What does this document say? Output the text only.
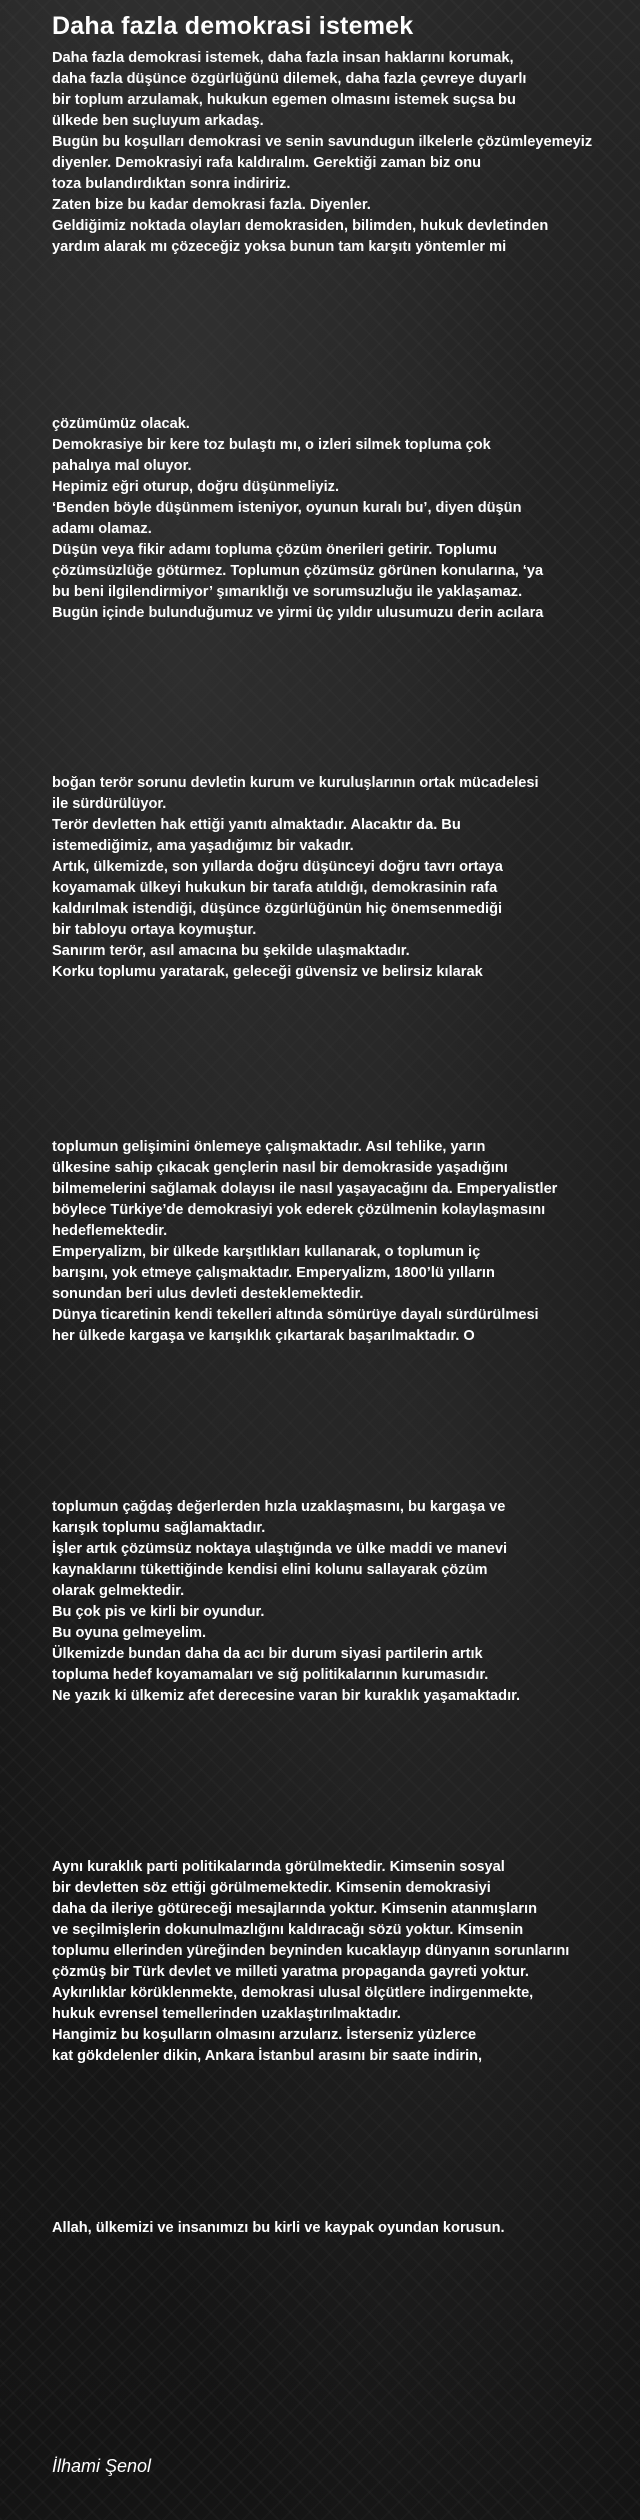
Daha fazla demokrasi istemek
Daha fazla demokrasi istemek, daha fazla insan haklarını korumak,
daha fazla düşünce özgürlüğünü dilemek, daha fazla çevreye duyarlı
bir toplum arzulamak, hukukun egemen olmasını istemek suçsa bu
ülkede ben suçluyum arkadaş.
Bugün bu koşulları demokrasi ve senin savundugun ilkelerle çözümleyemeyiz
diyenler. Demokrasiyi rafa kaldıralım. Gerektiği zaman biz onu
toza bulandırdıktan sonra indiririz.
Zaten bize bu kadar demokrasi fazla. Diyenler.
Geldiğimiz noktada olayları demokrasiden, bilimden, hukuk devletinden
yardım alarak mı çözeceğiz yoksa bunun tam karşıtı yöntemler mi
çözümümüz olacak.
Demokrasiye bir kere toz bulaştı mı, o izleri silmek topluma çok
pahalıya mal oluyor.
Hepimiz eğri oturup, doğru düşünmeliyiz.
‘Benden böyle düşünmem isteniyor, oyunun kuralı bu’, diyen düşün
adamı olamaz.
Düşün veya fikir adamı topluma çözüm önerileri getirir. Toplumu
çözümsüzlüğe götürmez. Toplumun çözümsüz görünen konularına, ‘ya
bu beni ilgilendirmiyor’ şımarıklığı ve sorumsuzluğu ile yaklaşamaz.
Bugün içinde bulunduğumuz ve yirmi üç yıldır ulusumuzu derin acılara
boğan terör sorunu devletin kurum ve kuruluşlarının ortak mücadelesi
ile sürdürülüyor.
Terör devletten hak ettiği yanıtı almaktadır. Alacaktır da. Bu
istemediğimiz, ama yaşadığımız bir vakadır.
Artık, ülkemizde, son yıllarda doğru düşünceyi doğru tavrı ortaya
koyamamak ülkeyi hukukun bir tarafa atıldığı, demokrasinin rafa
kaldırılmak istendiği, düşünce özgürlüğünün hiç önemsenmediği
bir tabloyu ortaya koymuştur.
Sanırım terör, asıl amacına bu şekilde ulaşmaktadır.
Korku toplumu yaratarak, geleceği güvensiz ve belirsiz kılarak
toplumun gelişimini önlemeye çalışmaktadır. Asıl tehlike, yarın
ülkesine sahip çıkacak gençlerin nasıl bir demokraside yaşadığını
bilmemelerini sağlamak dolayısı ile nasıl yaşayacağını da. Emperyalistler
böylece Türkiye’de demokrasiyi yok ederek çözülmenin kolaylaşmasını
hedeflemektedir.
Emperyalizm, bir ülkede karşıtlıkları kullanarak, o toplumun iç
barışını, yok etmeye çalışmaktadır. Emperyalizm, 1800’lü yılların
sonundan beri ulus devleti desteklemektedir.
Dünya ticaretinin kendi tekelleri altında sömürüye dayalı sürdürülmesi
her ülkede kargaşa ve karışıklık çıkartarak başarılmaktadır. O
toplumun çağdaş değerlerden hızla uzaklaşmasını, bu kargaşa ve
karışık toplumu sağlamaktadır.
İşler artık çözümsüz noktaya ulaştığında ve ülke maddi ve manevi
kaynaklarını tükettiğinde kendisi elini kolunu sallayarak çözüm
olarak gelmektedir.
Bu çok pis ve kirli bir oyundur.
Bu oyuna gelmeyelim.
Ülkemizde bundan daha da acı bir durum siyasi partilerin artık
topluma hedef koyamamaları ve sığ politikalarının kurumasıdır.
Ne yazık ki ülkemiz afet derecesine varan bir kuraklık yaşamaktadır.
Aynı kuraklık parti politikalarında görülmektedir. Kimsenin sosyal
bir devletten söz ettiği görülmemektedir. Kimsenin demokrasiyi
daha da ileriye götüreceği mesajlarında yoktur. Kimsenin atanmışların
ve seçilmişlerin dokunulmazlığını kaldıracağı sözü yoktur. Kimsenin
toplumu ellerinden yüreğinden beyninden kucaklayıp dünyanın sorunlarını
çözmüş bir Türk devlet ve milleti yaratma propaganda gayreti yoktur.
Aykırılıklar körüklenmekte, demokrasi ulusal ölçütlere indirgenmekte,
hukuk evrensel temellerinden uzaklaştırılmaktadır.
Hangimiz bu koşulların olmasını arzularız. İsterseniz yüzlerce
kat gökdelenler dikin, Ankara İstanbul arasını bir saate indirin,
Allah, ülkemizi ve insanımızı bu kirli ve kaypak oyundan korusun.
İlhami Şenol
